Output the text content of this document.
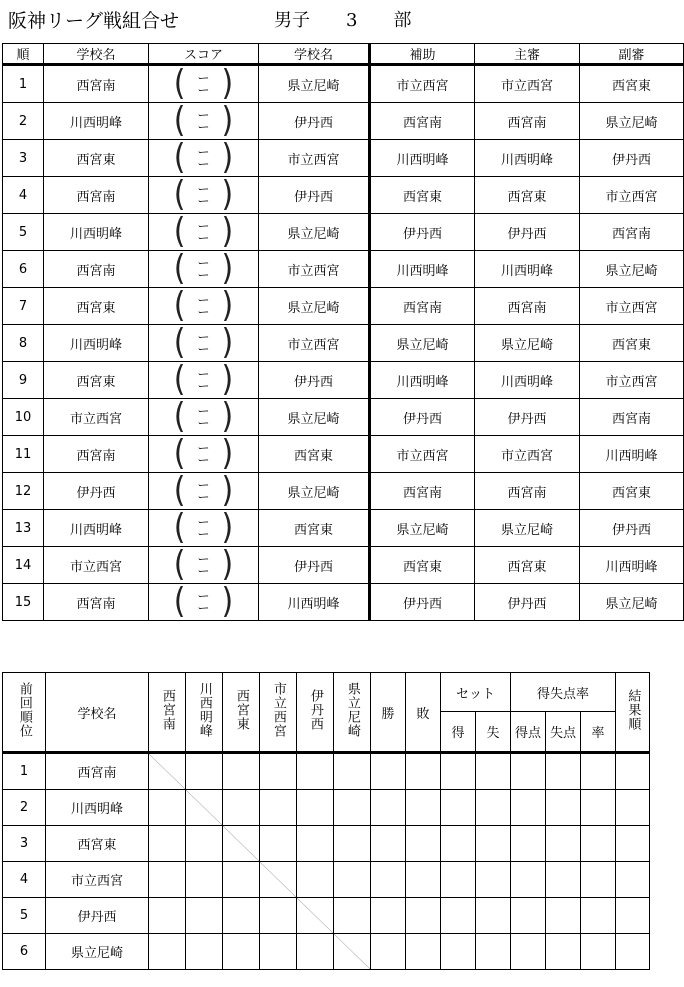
阪神リーグ戦組合せ	男子　　3　　部
順	学校名	スコア	学校名	補助	主審	副審
1	西宮南	( ー
ー )	県立尼崎	市立西宮	市立西宮	西宮東
2	川西明峰	( ー
ー )	伊丹西	西宮南	西宮南	県立尼崎
3	西宮東	( ー
ー )	市立西宮	川西明峰	川西明峰	伊丹西
4	西宮南	( ー
ー )	伊丹西	西宮東	西宮東	市立西宮
5	川西明峰	( ー
ー )	県立尼崎	伊丹西	伊丹西	西宮南
6	西宮南	( ー
ー )	市立西宮	川西明峰	川西明峰	県立尼崎
7	西宮東	( ー
ー )	県立尼崎	西宮南	西宮南	市立西宮
8	川西明峰	( ー
ー )	市立西宮	県立尼崎	県立尼崎	西宮東
9	西宮東	( ー
ー )	伊丹西	川西明峰	川西明峰	市立西宮
10	市立西宮	( ー
ー )	県立尼崎	伊丹西	伊丹西	西宮南
11	西宮南	( ー
ー )	西宮東	市立西宮	市立西宮	川西明峰
12	伊丹西	( ー
ー )	県立尼崎	西宮南	西宮南	西宮東
13	川西明峰	( ー
ー )	西宮東	県立尼崎	県立尼崎	伊丹西
14	市立西宮	( ー
ー )	伊丹西	西宮東	西宮東	川西明峰
15	西宮南	( ー
ー )	川西明峰	伊丹西	伊丹西	県立尼崎
前回順位	学校名	西宮南	川西明峰	西宮東	市立西宮	伊丹西	県立尼崎	勝	敗	セット		得失点率			結果順
										得	失	得点	失点	率	
1	西宮南	

2	川西明峰		

3	西宮東			

4	市立西宮				

5	伊丹西					

6	県立尼崎						
